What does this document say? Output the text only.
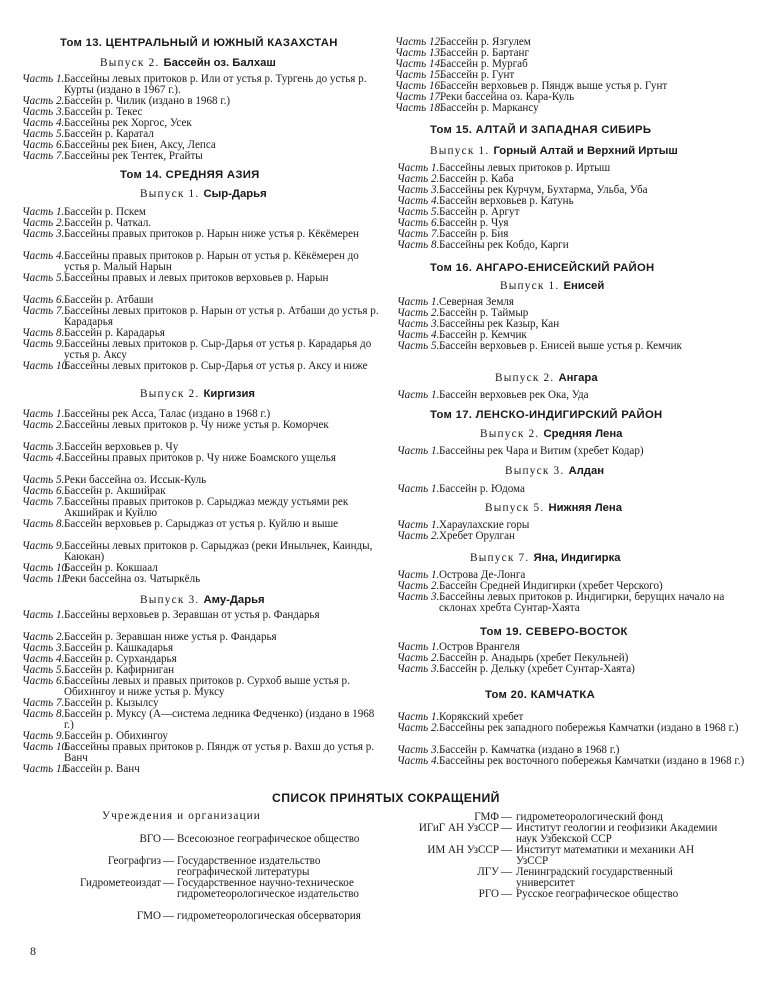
Том 13. ЦЕНТРАЛЬНЫЙ И ЮЖНЫЙ КАЗАХСТАН
Выпуск 2. Бассейн оз. Балхаш
Часть 1. Бассейны левых притоков р. Или от устья р. Тургень до устья р. Курты (издано в 1967 г.).
Часть 2. Бассейн р. Чилик (издано в 1968 г.)
Часть 3. Бассейн р. Текес
Часть 4. Бассейны рек Хоргос, Усек
Часть 5. Бассейн р. Каратал
Часть 6. Бассейны рек Биен, Аксу, Лепса
Часть 7. Бассейны рек Тентек, Ргайты
Том 14. СРЕДНЯЯ АЗИЯ
Выпуск 1. Сыр-Дарья
Часть 1. Бассейн р. Пскем
Часть 2. Бассейн р. Чаткал.
Часть 3. Бассейны правых притоков р. Нарын ниже устья р. Кёкёмерен
Часть 4. Бассейны правых притоков р. Нарын от устья р. Кёкёмерен до устья р. Малый Нарын
Часть 5. Бассейны правых и левых притоков верховьев р. Нарын
Часть 6. Бассейн р. Атбаши
Часть 7. Бассейны левых притоков р. Нарын от устья р. Атбаши до устья р. Карадарья
Часть 8. Бассейн р. Карадарья
Часть 9. Бассейны левых притоков р. Сыр-Дарья от устья р. Карадарья до устья р. Аксу
Часть 10.
Бассейны левых притоков р. Сыр-Дарья от устья р. Аксу и ниже
Выпуск 2. Киргизия
Часть 1. Бассейны рек Асса, Талас (издано в 1968 г.)
Часть 2. Бассейны левых притоков р. Чу ниже устья р. Коморчек
Часть 3. Бассейн верховьев р. Чу
Часть 4. Бассейны правых притоков р. Чу ниже Боамского ущелья
Часть 5. Реки бассейна оз. Иссык-Куль
Часть 6. Бассейн р. Акшийрак
Часть 7. Бассейны правых притоков р. Сарыджаз между устьями рек Акшийрак и Куйлю
Часть 8. Бассейн верховьев р. Сарыджаз от устья р. Куйлю и выше
Часть 9. Бассейны левых притоков р. Сарыджаз (реки Иныльчек, Каинды, Каюкан)
Часть 10.
Бассейн р. Кокшаал
Часть 11.
Реки бассейна оз. Чатыркёль
Выпуск 3. Аму-Дарья
Часть 1. Бассейны верховьев р. Зеравшан от устья р. Фандарья
Часть 2. Бассейн р. Зеравшан ниже устья р. Фандарья
Часть 3. Бассейн р. Кашкадарья
Часть 4. Бассейн р. Сурхандарья
Часть 5. Бассейн р. Кафирниган
Часть 6. Бассейны левых и правых притоков р. Сурхоб выше устья р. Обихингоу и ниже устья р. Муксу
Часть 7. Бассейн р. Кызылсу
Часть 8. Бассейн р. Муксу (А—система ледника Федченко) (издано в 1968 г.)
Часть 9. Бассейн р. Обихингоу
Часть 10.
Бассейны правых притоков р. Пяндж от устья р. Вахш до устья р. Ванч
Часть 11.
Бассейн р. Ванч
Часть 12.
Бассейн р. Язгулем
Часть 13.
Бассейн р. Бартанг
Часть 14.
Бассейн р. Мургаб
Часть 15.
Бассейн р. Гунт
Часть 16.
Бассейн верховьев р. Пяндж выше устья р. Гунт
Часть 17.
Реки бассейна оз. Кара-Куль
Часть 18.
Бассейн р. Маркансу
Том 15. АЛТАЙ И ЗАПАДНАЯ СИБИРЬ
Выпуск 1. Горный Алтай и Верхний Иртыш
Часть 1. Бассейны левых притоков р. Иртыш
Часть 2. Бассейн р. Каба
Часть 3. Бассейны рек Курчум, Бухтарма, Ульба, Уба
Часть 4. Бассейн верховьев р. Катунь
Часть 5. Бассейн р. Аргут
Часть 6. Бассейн р. Чуя
Часть 7. Бассейн р. Бия
Часть 8. Бассейны рек Кобдо, Карги
Том 16. АНГАРО-ЕНИСЕЙСКИЙ РАЙОН
Выпуск 1. Енисей
Часть 1. Северная Земля
Часть 2. Бассейн р. Таймыр
Часть 3. Бассейны рек Казыр, Кан
Часть 4. Бассейн р. Кемчик
Часть 5. Бассейн верховьев р. Енисей выше устья р. Кемчик
Выпуск 2. Ангара
Часть 1. Бассейн верховьев рек Ока, Уда
Том 17. ЛЕНСКО-ИНДИГИРСКИЙ РАЙОН
Выпуск 2. Средняя Лена
Часть 1. Бассейны рек Чара и Витим (хребет Кодар)
Выпуск 3. Алдан
Часть 1. Бассейн р. Юдома
Выпуск 5. Нижняя Лена
Часть 1. Хараулахские горы
Часть 2. Хребет Орулган
Выпуск 7. Яна, Индигирка
Часть 1. Острова Де-Лонга
Часть 2. Бассейн Средней Индигирки (хребет Черского)
Часть 3. Бассейны левых притоков р. Индигирки, берущих начало на склонах хребта Сунтар-Хаята
Том 19. СЕВЕРО-ВОСТОК
Часть 1. Остров Врангеля
Часть 2. Бассейн р. Анадырь (хребет Пекульней)
Часть 3. Бассейн р. Дельку (хребет Сунтар-Хаята)
Том 20. КАМЧАТКА
Часть 1. Корякский хребет
Часть 2. Бассейны рек западного побережья Камчатки (издано в 1968 г.)
Часть 3. Бассейн р. Камчатка (издано в 1968 г.)
Часть 4. Бассейны рек восточного побережья Камчатки (издано в 1968 г.)
СПИСОК ПРИНЯТЫХ СОКРАЩЕНИЙ
Учреждения и организации
ВГО — Всесоюзное географическое общество
Географгиз — Государственное издательство географической литературы
Гидрометеоиздат — Государственное научно-техническое гидрометеорологическое издательство
ГМО — гидрометеорологическая обсерватория
ГМФ — гидрометеорологический фонд
ИГиГ АН УзССР — Институт геологии и геофизики Академии наук Узбекской ССР
ИМ АН УзССР — Институт математики и механики АН УзССР
ЛГУ — Ленинградский государственный университет
РГО — Русское географическое общество
8
